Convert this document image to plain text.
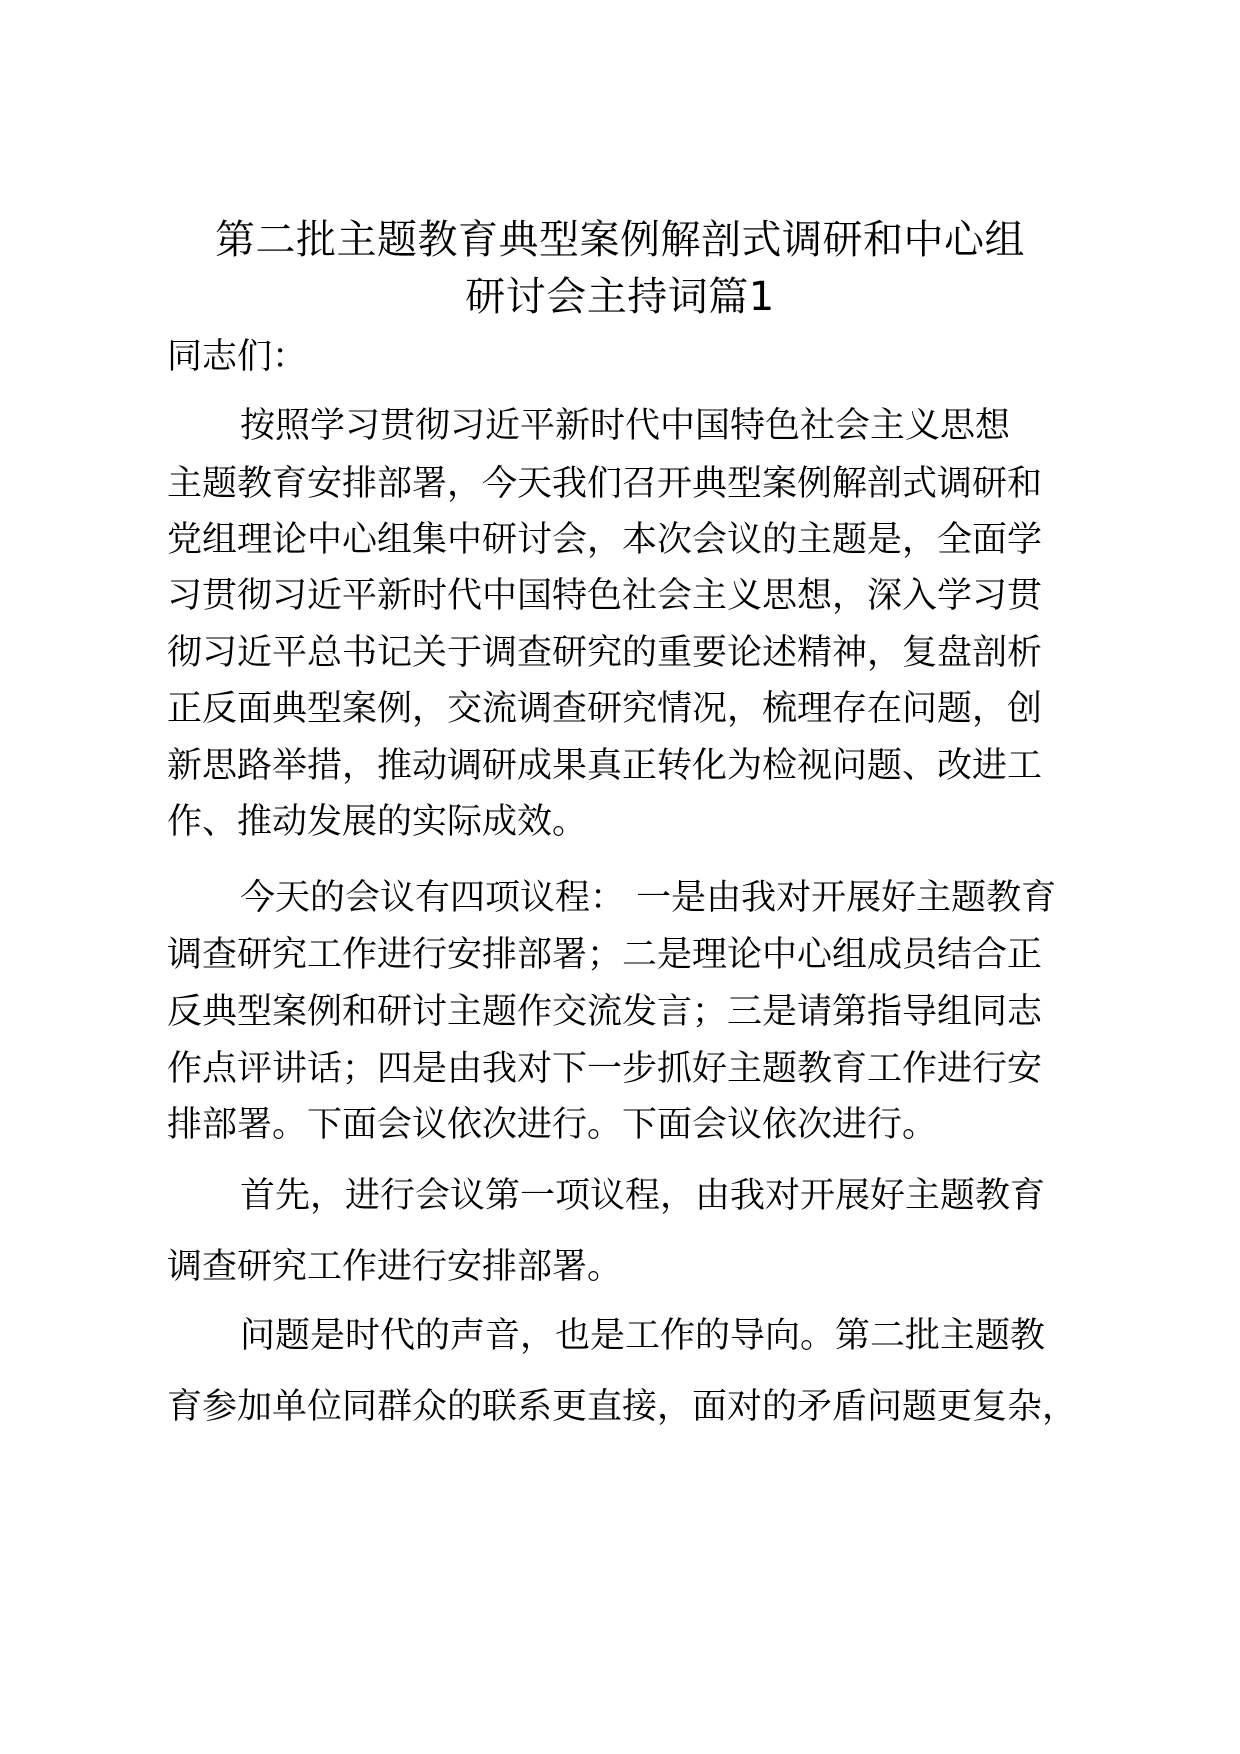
第二批主题教育典型案例解剖式调研和中心组
研讨会主持词篇1

同志们：

按照学习贯彻习近平新时代中国特色社会主义思想

主题教育安排部署，今天我们召开典型案例解剖式调研和

党组理论中心组集中研讨会，本次会议的主题是，全面学

习贯彻习近平新时代中国特色社会主义思想，深入学习贯

彻习近平总书记关于调查研究的重要论述精神，复盘剖析

正反面典型案例，交流调查研究情况，梳理存在问题，创

新思路举措，推动调研成果真正转化为检视问题、改进工

作、推动发展的实际成效。

今天的会议有四项议程： 一是由我对开展好主题教育

调查研究工作进行安排部署；二是理论中心组成员结合正

反典型案例和研讨主题作交流发言；三是请第指导组同志

作点评讲话；四是由我对下一步抓好主题教育工作进行安

排部署。下面会议依次进行。下面会议依次进行。

首先，进行会议第一项议程，由我对开展好主题教育

调查研究工作进行安排部署。

问题是时代的声音，也是工作的导向。第二批主题教

育参加单位同群众的联系更直接，面对的矛盾问题更复杂，
